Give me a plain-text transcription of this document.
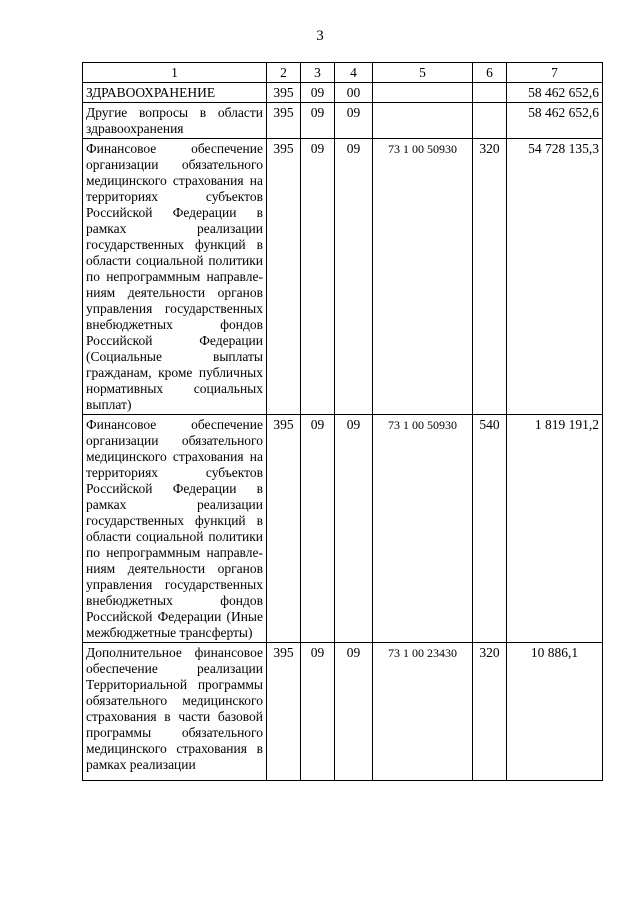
3
1	2	3	4	5	6	7
ЗДРАВООХРАНЕНИЕ	395	09	00			58 462 652,6
Другие вопросы в области здравоохранения	395	09	09			58 462 652,6
Финансовое обеспечение организации обязательного медицинского страхования на территориях субъектов Российской Федерации в рамках реализации государственных функций в области социальной политики по непрограммным направлениям деятельности органов управления государственных внебюджетных фондов Российской Федерации (Социальные выплаты гражданам, кроме публичных нормативных социальных выплат)	395	09	09	73 1 00 50930	320	54 728 135,3
Финансовое обеспечение организации обязательного медицинского страхования на территориях субъектов Российской Федерации в рамках реализации государственных функций в области социальной политики по непрограммным направлениям деятельности органов управления государственных внебюджетных фондов Российской Федерации (Иные межбюджетные трансферты)	395	09	09	73 1 00 50930	540	1 819 191,2
Дополнительное финансовое обеспечение реализации Территориальной программы обязательного медицинского страхования в части базовой программы обязательного медицинского страхования в рамках реализации	395	09	09	73 1 00 23430	320	10 886,1
